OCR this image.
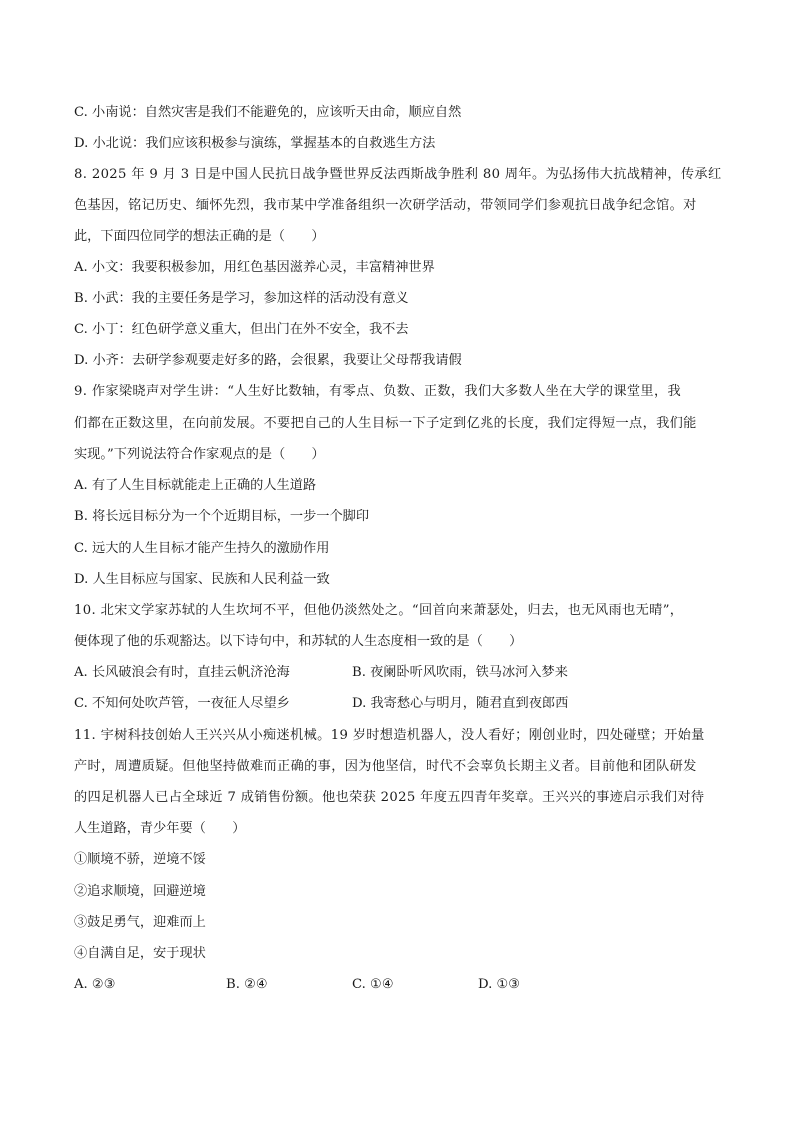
C. 小南说：自然灾害是我们不能避免的，应该听天由命，顺应自然
D. 小北说：我们应该积极参与演练，掌握基本的自救逃生方法
8. 2025 年 9 月 3 日是中国人民抗日战争暨世界反法西斯战争胜利 80 周年。为弘扬伟大抗战精神，传承红
色基因，铭记历史、缅怀先烈，我市某中学准备组织一次研学活动，带领同学们参观抗日战争纪念馆。对
此，下面四位同学的想法正确的是（　　）
A. 小文：我要积极参加，用红色基因滋养心灵，丰富精神世界
B. 小武：我的主要任务是学习，参加这样的活动没有意义
C. 小丁：红色研学意义重大，但出门在外不安全，我不去
D. 小齐：去研学参观要走好多的路，会很累，我要让父母帮我请假
9. 作家梁晓声对学生讲：“人生好比数轴，有零点、负数、正数，我们大多数人坐在大学的课堂里，我
们都在正数这里，在向前发展。不要把自己的人生目标一下子定到亿兆的长度，我们定得短一点，我们能
实现。”下列说法符合作家观点的是（　　）
A. 有了人生目标就能走上正确的人生道路
B. 将长远目标分为一个个近期目标，一步一个脚印
C. 远大的人生目标才能产生持久的激励作用
D. 人生目标应与国家、民族和人民利益一致
10. 北宋文学家苏轼的人生坎坷不平，但他仍淡然处之。“回首向来萧瑟处，归去，也无风雨也无晴”，
便体现了他的乐观豁达。以下诗句中，和苏轼的人生态度相一致的是（　　）
A. 长风破浪会有时，直挂云帆济沧海	B. 夜阑卧听风吹雨，铁马冰河入梦来
C. 不知何处吹芦管，一夜征人尽望乡	D. 我寄愁心与明月，随君直到夜郎西
11. 宇树科技创始人王兴兴从小痴迷机械。19 岁时想造机器人，没人看好；刚创业时，四处碰壁；开始量
产时，周遭质疑。但他坚持做难而正确的事，因为他坚信，时代不会辜负长期主义者。目前他和团队研发
的四足机器人已占全球近 7 成销售份额。他也荣获 2025 年度五四青年奖章。王兴兴的事迹启示我们对待
人生道路，青少年要（　　）
①顺境不骄，逆境不馁
②追求顺境，回避逆境
③鼓足勇气，迎难而上
④自满自足，安于现状
A. ②③	B. ②④	C. ①④	D. ①③
